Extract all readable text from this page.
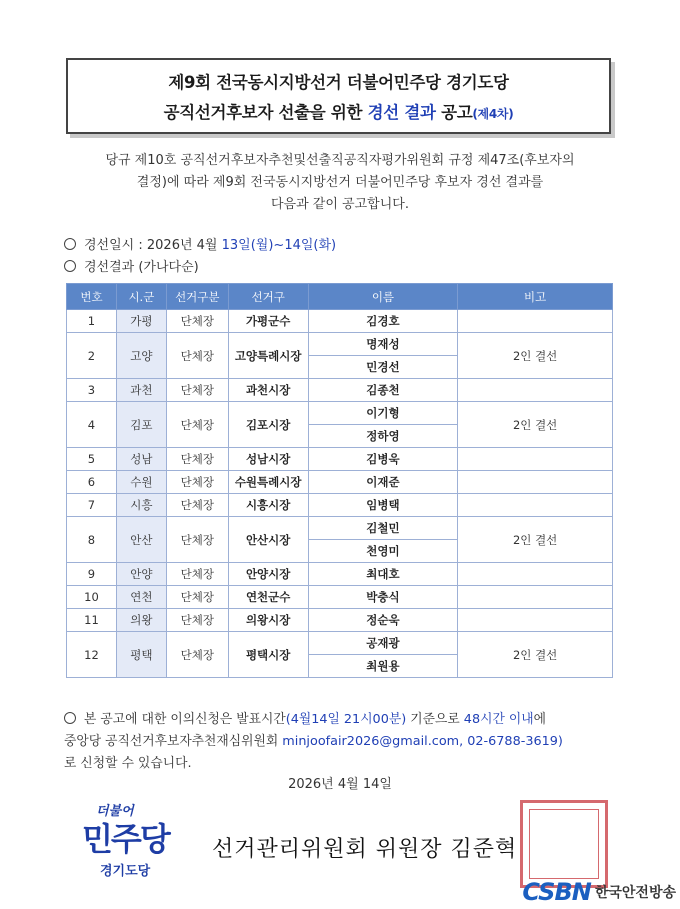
제9회 전국동시지방선거 더불어민주당 경기도당
공직선거후보자 선출을 위한 경선 결과 공고(제4차)
당규 제10호 공직선거후보자추천및선출직공직자평가위원회 규정 제47조(후보자의
결정)에 따라 제9회 전국동시지방선거 더불어민주당 후보자 경선 결과를
다음과 같이 공고합니다.
경선일시 : 2026년 4월 13일(월)~14일(화)
경선결과 (가나다순)
번호	시.군	선거구분	선거구	이름	비고
1	가평	단체장	가평군수	김경호	
2	고양	단체장	고양특례시장	명재성	2인 결선
				민경선	
3	과천	단체장	과천시장	김종천	
4	김포	단체장	김포시장	이기형	2인 결선
				정하영	
5	성남	단체장	성남시장	김병욱	
6	수원	단체장	수원특례시장	이재준	
7	시흥	단체장	시흥시장	임병택	
8	안산	단체장	안산시장	김철민	2인 결선
				천영미	
9	안양	단체장	안양시장	최대호	
10	연천	단체장	연천군수	박충식	
11	의왕	단체장	의왕시장	정순욱	
12	평택	단체장	평택시장	공재광	2인 결선
				최원용	
본 공고에 대한 이의신청은 발표시간(4월14일 21시00분) 기준으로 48시간 이내에
중앙당 공직선거후보자추천재심위원회 minjoofair2026@gmail.com, 02-6788-3619)
로 신청할 수 있습니다.
2026년 4월 14일
더불어
민주당
경기도당
선거관리위원회 위원장 김준혁
CSBN 한국안전방송
